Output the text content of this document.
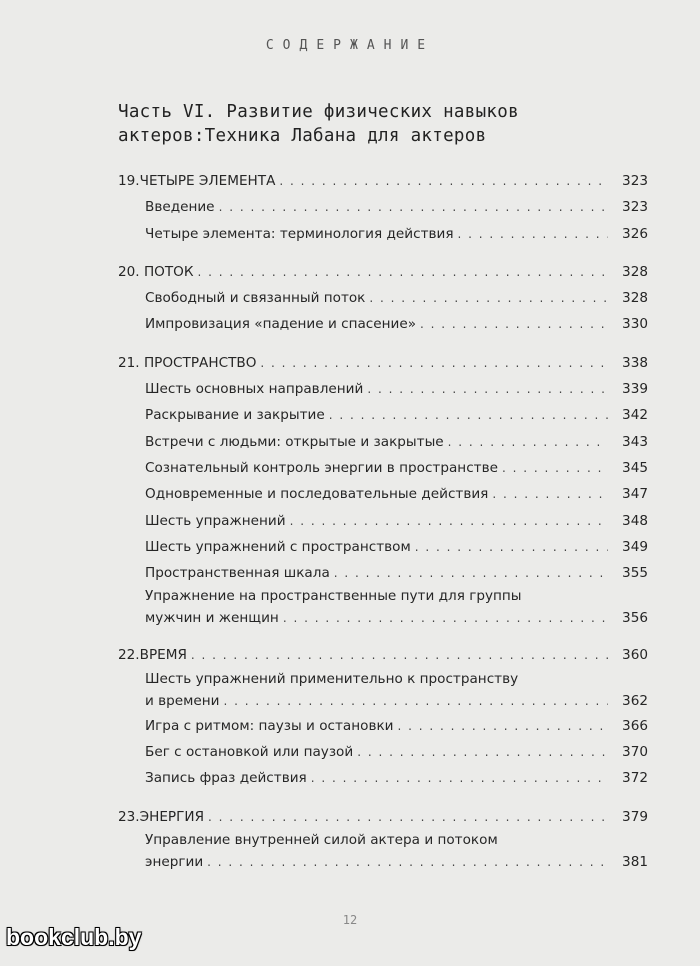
СОДЕРЖАНИЕ
Часть VI. Развитие физических навыков
актеров:Техника Лабана для актеров
19.ЧЕТЫРЕ ЭЛЕМЕНТА . . .	323
Введение . . .	323
Четыре элемента: терминология действия . . .	326
20. ПОТОК . . .	328
Свободный и связанный поток . . .	328
Импровизация «падение и спасение» . . .	330
21. ПРОСТРАНСТВО . . .	338
Шесть основных направлений . . .	339
Раскрывание и закрытие . . .	342
Встречи с людьми: открытые и закрытые . . .	343
Сознательный контроль энергии в пространстве . . .	345
Одновременные и последовательные действия . . .	347
Шесть упражнений . . .	348
Шесть упражнений с пространством . . .	349
Пространственная шкала . . .	355
Упражнение на пространственные пути для группы
мужчин и женщин . . .	356
22.ВРЕМЯ . . .	360
Шесть упражнений применительно к пространству
и времени . . .	362
Игра с ритмом: паузы и остановки . . .	366
Бег с остановкой или паузой . . .	370
Запись фраз действия . . .	372
23.ЭНЕРГИЯ . . .	379
Управление внутренней силой актера и потоком
энергии . . .	381
12
bookclub.by
